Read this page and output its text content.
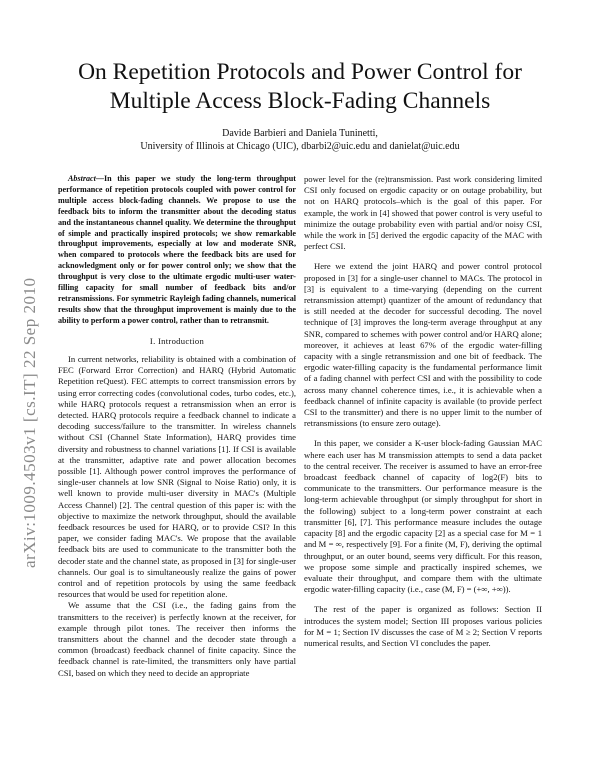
arXiv:1009.4503v1 [cs.IT] 22 Sep 2010
On Repetition Protocols and Power Control for
Multiple Access Block-Fading Channels
Davide Barbieri and Daniela Tuninetti,
University of Illinois at Chicago (UIC), dbarbi2@uic.edu and danielat@uic.edu

Abstract—In this paper we study the long-term throughput performance of repetition protocols coupled with power control for multiple access block-fading channels. We propose to use the feedback bits to inform the transmitter about the decoding status and the instantaneous channel quality. We determine the throughput of simple and practically inspired protocols; we show remarkable throughput improvements, especially at low and moderate SNR, when compared to protocols where the feedback bits are used for acknowledgment only or for power control only; we show that the throughput is very close to the ultimate ergodic multi-user water-filling capacity for small number of feedback bits and/or retransmissions. For symmetric Rayleigh fading channels, numerical results show that the throughput improvement is mainly due to the ability to perform a power control, rather than to retransmit.

I. Introduction

In current networks, reliability is obtained with a combination of FEC (Forward Error Correction) and HARQ (Hybrid Automatic Repetition reQuest). FEC attempts to correct transmission errors by using error correcting codes (convolutional codes, turbo codes, etc.), while HARQ protocols request a retransmission when an error is detected. HARQ protocols require a feedback channel to indicate a decoding success/failure to the transmitter. In wireless channels without CSI (Channel State Information), HARQ provides time diversity and robustness to channel variations [1]. If CSI is available at the transmitter, adaptive rate and power allocation becomes possible [1]. Although power control improves the performance of single-user channels at low SNR (Signal to Noise Ratio) only, it is well known to provide multi-user diversity in MAC's (Multiple Access Channel) [2]. The central question of this paper is: with the objective to maximize the network throughput, should the available feedback resources be used for HARQ, or to provide CSI? In this paper, we consider fading MAC's. We propose that the available feedback bits are used to communicate to the transmitter both the decoder state and the channel state, as proposed in [3] for single-user channels. Our goal is to simultaneously realize the gains of power control and of repetition protocols by using the same feedback resources that would be used for repetition alone.

We assume that the CSI (i.e., the fading gains from the transmitters to the receiver) is perfectly known at the receiver, for example through pilot tones. The receiver then informs the transmitters about the channel and the decoder state through a common (broadcast) feedback channel of finite capacity. Since the feedback channel is rate-limited, the transmitters only have partial CSI, based on which they need to decide an appropriate

power level for the (re)transmission. Past work considering limited CSI only focused on ergodic capacity or on outage probability, but not on HARQ protocols–which is the goal of this paper. For example, the work in [4] showed that power control is very useful to minimize the outage probability even with partial and/or noisy CSI, while the work in [5] derived the ergodic capacity of the MAC with perfect CSI.

Here we extend the joint HARQ and power control protocol proposed in [3] for a single-user channel to MACs. The protocol in [3] is equivalent to a time-varying (depending on the current retransmission attempt) quantizer of the amount of redundancy that is still needed at the decoder for successful decoding. The novel technique of [3] improves the long-term average throughput at any SNR, compared to schemes with power control and/or HARQ alone; moreover, it achieves at least 67% of the ergodic water-filling capacity with a single retransmission and one bit of feedback. The ergodic water-filling capacity is the fundamental performance limit of a fading channel with perfect CSI and with the possibility to code across many channel coherence times, i.e., it is achievable when a feedback channel of infinite capacity is available (to provide perfect CSI to the transmitter) and there is no upper limit to the number of retransmissions (to ensure zero outage).

In this paper, we consider a K-user block-fading Gaussian MAC where each user has M transmission attempts to send a data packet to the central receiver. The receiver is assumed to have an error-free broadcast feedback channel of capacity of log2(F) bits to communicate to the transmitters. Our performance measure is the long-term achievable throughput (or simply throughput for short in the following) subject to a long-term power constraint at each transmitter [6], [7]. This performance measure includes the outage capacity [8] and the ergodic capacity [2] as a special case for M = 1 and M = ∞, respectively [9]. For a finite (M, F), deriving the optimal throughput, or an outer bound, seems very difficult. For this reason, we propose some simple and practically inspired schemes, we evaluate their throughput, and compare them with the ultimate ergodic water-filling capacity (i.e., case (M, F) = (+∞, +∞)).

The rest of the paper is organized as follows: Section II introduces the system model; Section III proposes various policies for M = 1; Section IV discusses the case of M ≥ 2; Section V reports numerical results, and Section VI concludes the paper.
